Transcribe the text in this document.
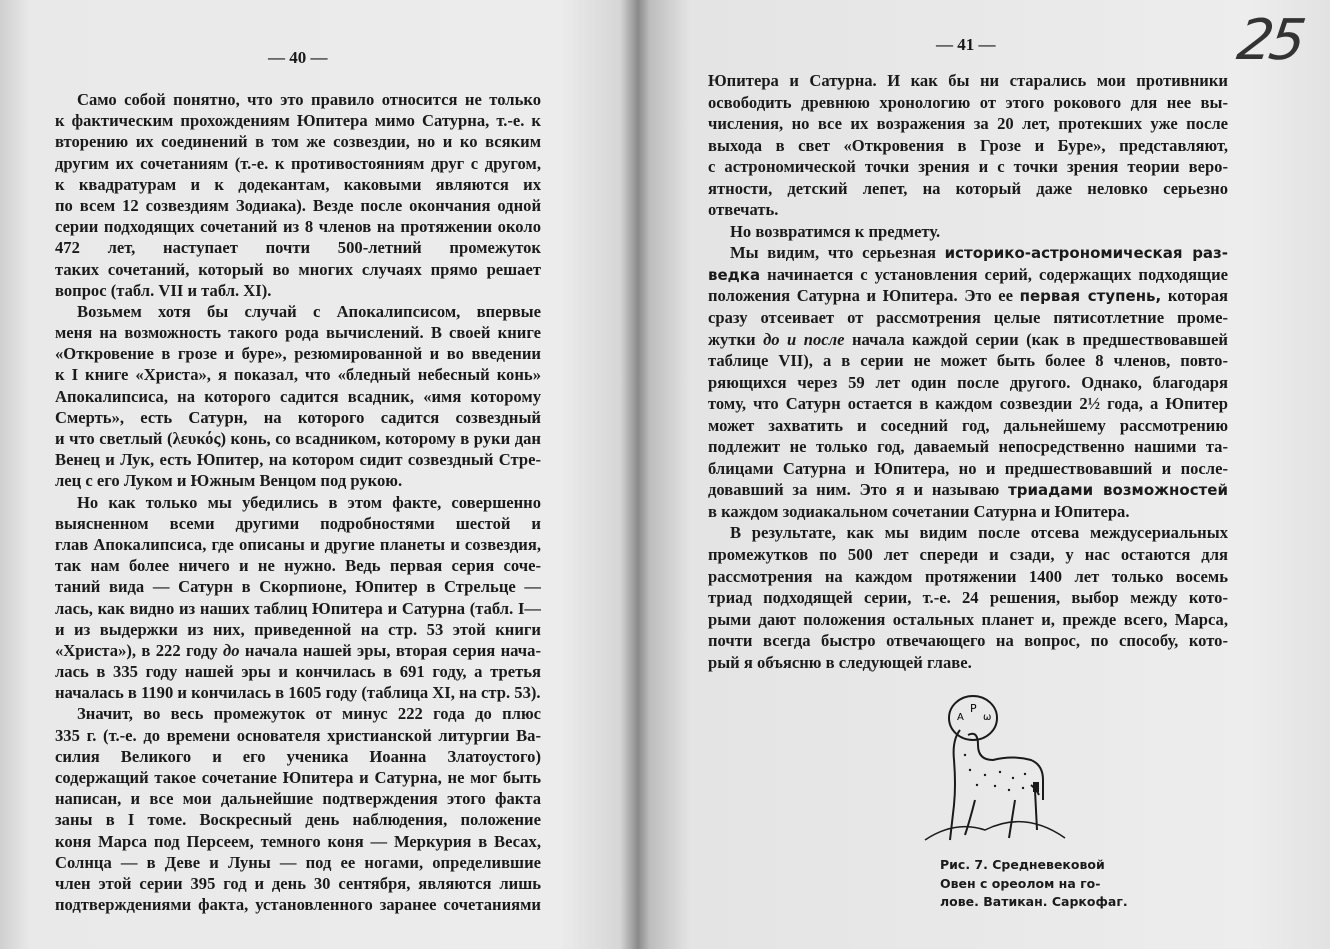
— 40 —
— 41 —	25
Само собой понятно, что это правило относится не только
к фактическим прохождениям Юпитера мимо Сатурна, т.-е. к
вторению их соединений в том же созвездии, но и ко всяким
другим их сочетаниям (т.-е. к противостояниям друг с другом,
к квадратурам и к додекантам, каковыми являются их
по всем 12 созвездиям Зодиака). Везде после окончания одной
серии подходящих сочетаний из 8 членов на протяжении около
472 лет, наступает почти 500-летний промежуток
таких сочетаний, который во многих случаях прямо решает
вопрос (табл. VII и табл. XI).
Возьмем хотя бы случай с Апокалипсисом, впервые
меня на возможность такого рода вычислений. В своей книге
«Откровение в грозе и буре», резюмированной и во введении
к I книге «Христа», я показал, что «бледный небесный конь»
Апокалипсиса, на которого садится всадник, «имя которому
Смерть», есть Сатурн, на которого садится созвездный
и что светлый (λευκός) конь, со всадником, которому в руки дан
Венец и Лук, есть Юпитер, на котором сидит созвездный Стре-
лец с его Луком и Южным Венцом под рукою.
Но как только мы убедились в этом факте, совершенно
выясненном всеми другими подробностями шестой и
глав Апокалипсиса, где описаны и другие планеты и созвездия,
так нам более ничего и не нужно. Ведь первая серия соче-
таний вида — Сатурн в Скорпионе, Юпитер в Стрельце —
лась, как видно из наших таблиц Юпитера и Сатурна (табл. I—
и из выдержки из них, приведенной на стр. 53 этой книги
«Христа»), в 222 году до начала нашей эры, вторая серия нача-
лась в 335 году нашей эры и кончилась в 691 году, а третья
началась в 1190 и кончилась в 1605 году (таблица XI, на стр. 53).
Значит, во весь промежуток от минус 222 года до плюс
335 г. (т.-е. до времени основателя христианской литургии Ва-
силия Великого и его ученика Иоанна Златоустого)
содержащий такое сочетание Юпитера и Сатурна, не мог быть
написан, и все мои дальнейшие подтверждения этого факта
заны в I томе. Воскресный день наблюдения, положение
коня Марса под Персеем, темного коня — Меркурия в Весах,
Солнца — в Деве и Луны — под ее ногами, определившие
член этой серии 395 год и день 30 сентября, являются лишь
подтверждениями факта, установленного заранее сочетаниями
Юпитера и Сатурна. И как бы ни старались мои противники
освободить древнюю хронологию от этого рокового для нее вы-
числения, но все их возражения за 20 лет, протекших уже после
выхода в свет «Откровения в Грозе и Буре», представляют,
с астрономической точки зрения и с точки зрения теории веро-
ятности, детский лепет, на который даже неловко серьезно
отвечать.
Но возвратимся к предмету.
Мы видим, что серьезная историко-астрономическая раз-
ведка начинается с установления серий, содержащих подходящие
положения Сатурна и Юпитера. Это ее первая ступень, которая
сразу отсеивает от рассмотрения целые пятисотлетние проме-
жутки до и после начала каждой серии (как в предшествовавшей
таблице VII), а в серии не может быть более 8 членов, повто-
ряющихся через 59 лет один после другого. Однако, благодаря
тому, что Сатурн остается в каждом созвездии 2½ года, а Юпитер
может захватить и соседний год, дальнейшему рассмотрению
подлежит не только год, даваемый непосредственно нашими та-
блицами Сатурна и Юпитера, но и предшествовавший и после-
довавший за ним. Это я и называю триадами возможностей
в каждом зодиакальном сочетании Сатурна и Юпитера.
В результате, как мы видим после отсева междусериальных
промежутков по 500 лет спереди и сзади, у нас остаются для
рассмотрения на каждом протяжении 1400 лет только восемь
триад подходящей серии, т.-е. 24 решения, выбор между кото-
рыми дают положения остальных планет и, прежде всего, Марса,
почти всегда быстро отвечающего на вопрос, по способу, кото-
рый я объясню в следующей главе.
A
P
ω
Рис. 7. Средневековой
Овен с ореолом на го-
лове. Ватикан. Саркофаг.
